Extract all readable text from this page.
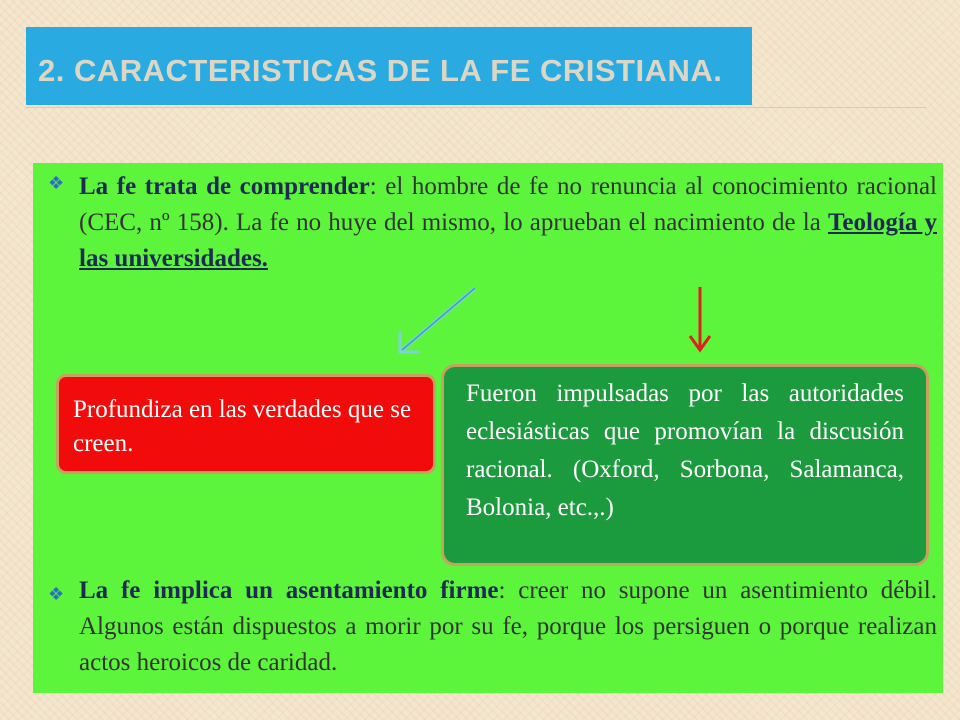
2. CARACTERISTICAS DE LA FE CRISTIANA.
❖ La fe trata de comprender: el hombre de fe no renuncia al conocimiento racional (CEC, nº 158). La fe no huye del mismo, lo aprueban el nacimiento de la Teología y las universidades.
❖ La fe implica un asentamiento firme: creer no supone un asentimiento débil. Algunos están dispuestos a morir por su fe, porque los persiguen o porque realizan actos heroicos de caridad.
Profundiza en las verdades que se creen.
Fueron impulsadas por las autoridades eclesiásticas que promovían la discusión racional. (Oxford, Sorbona, Salamanca, Bolonia, etc.,.)
